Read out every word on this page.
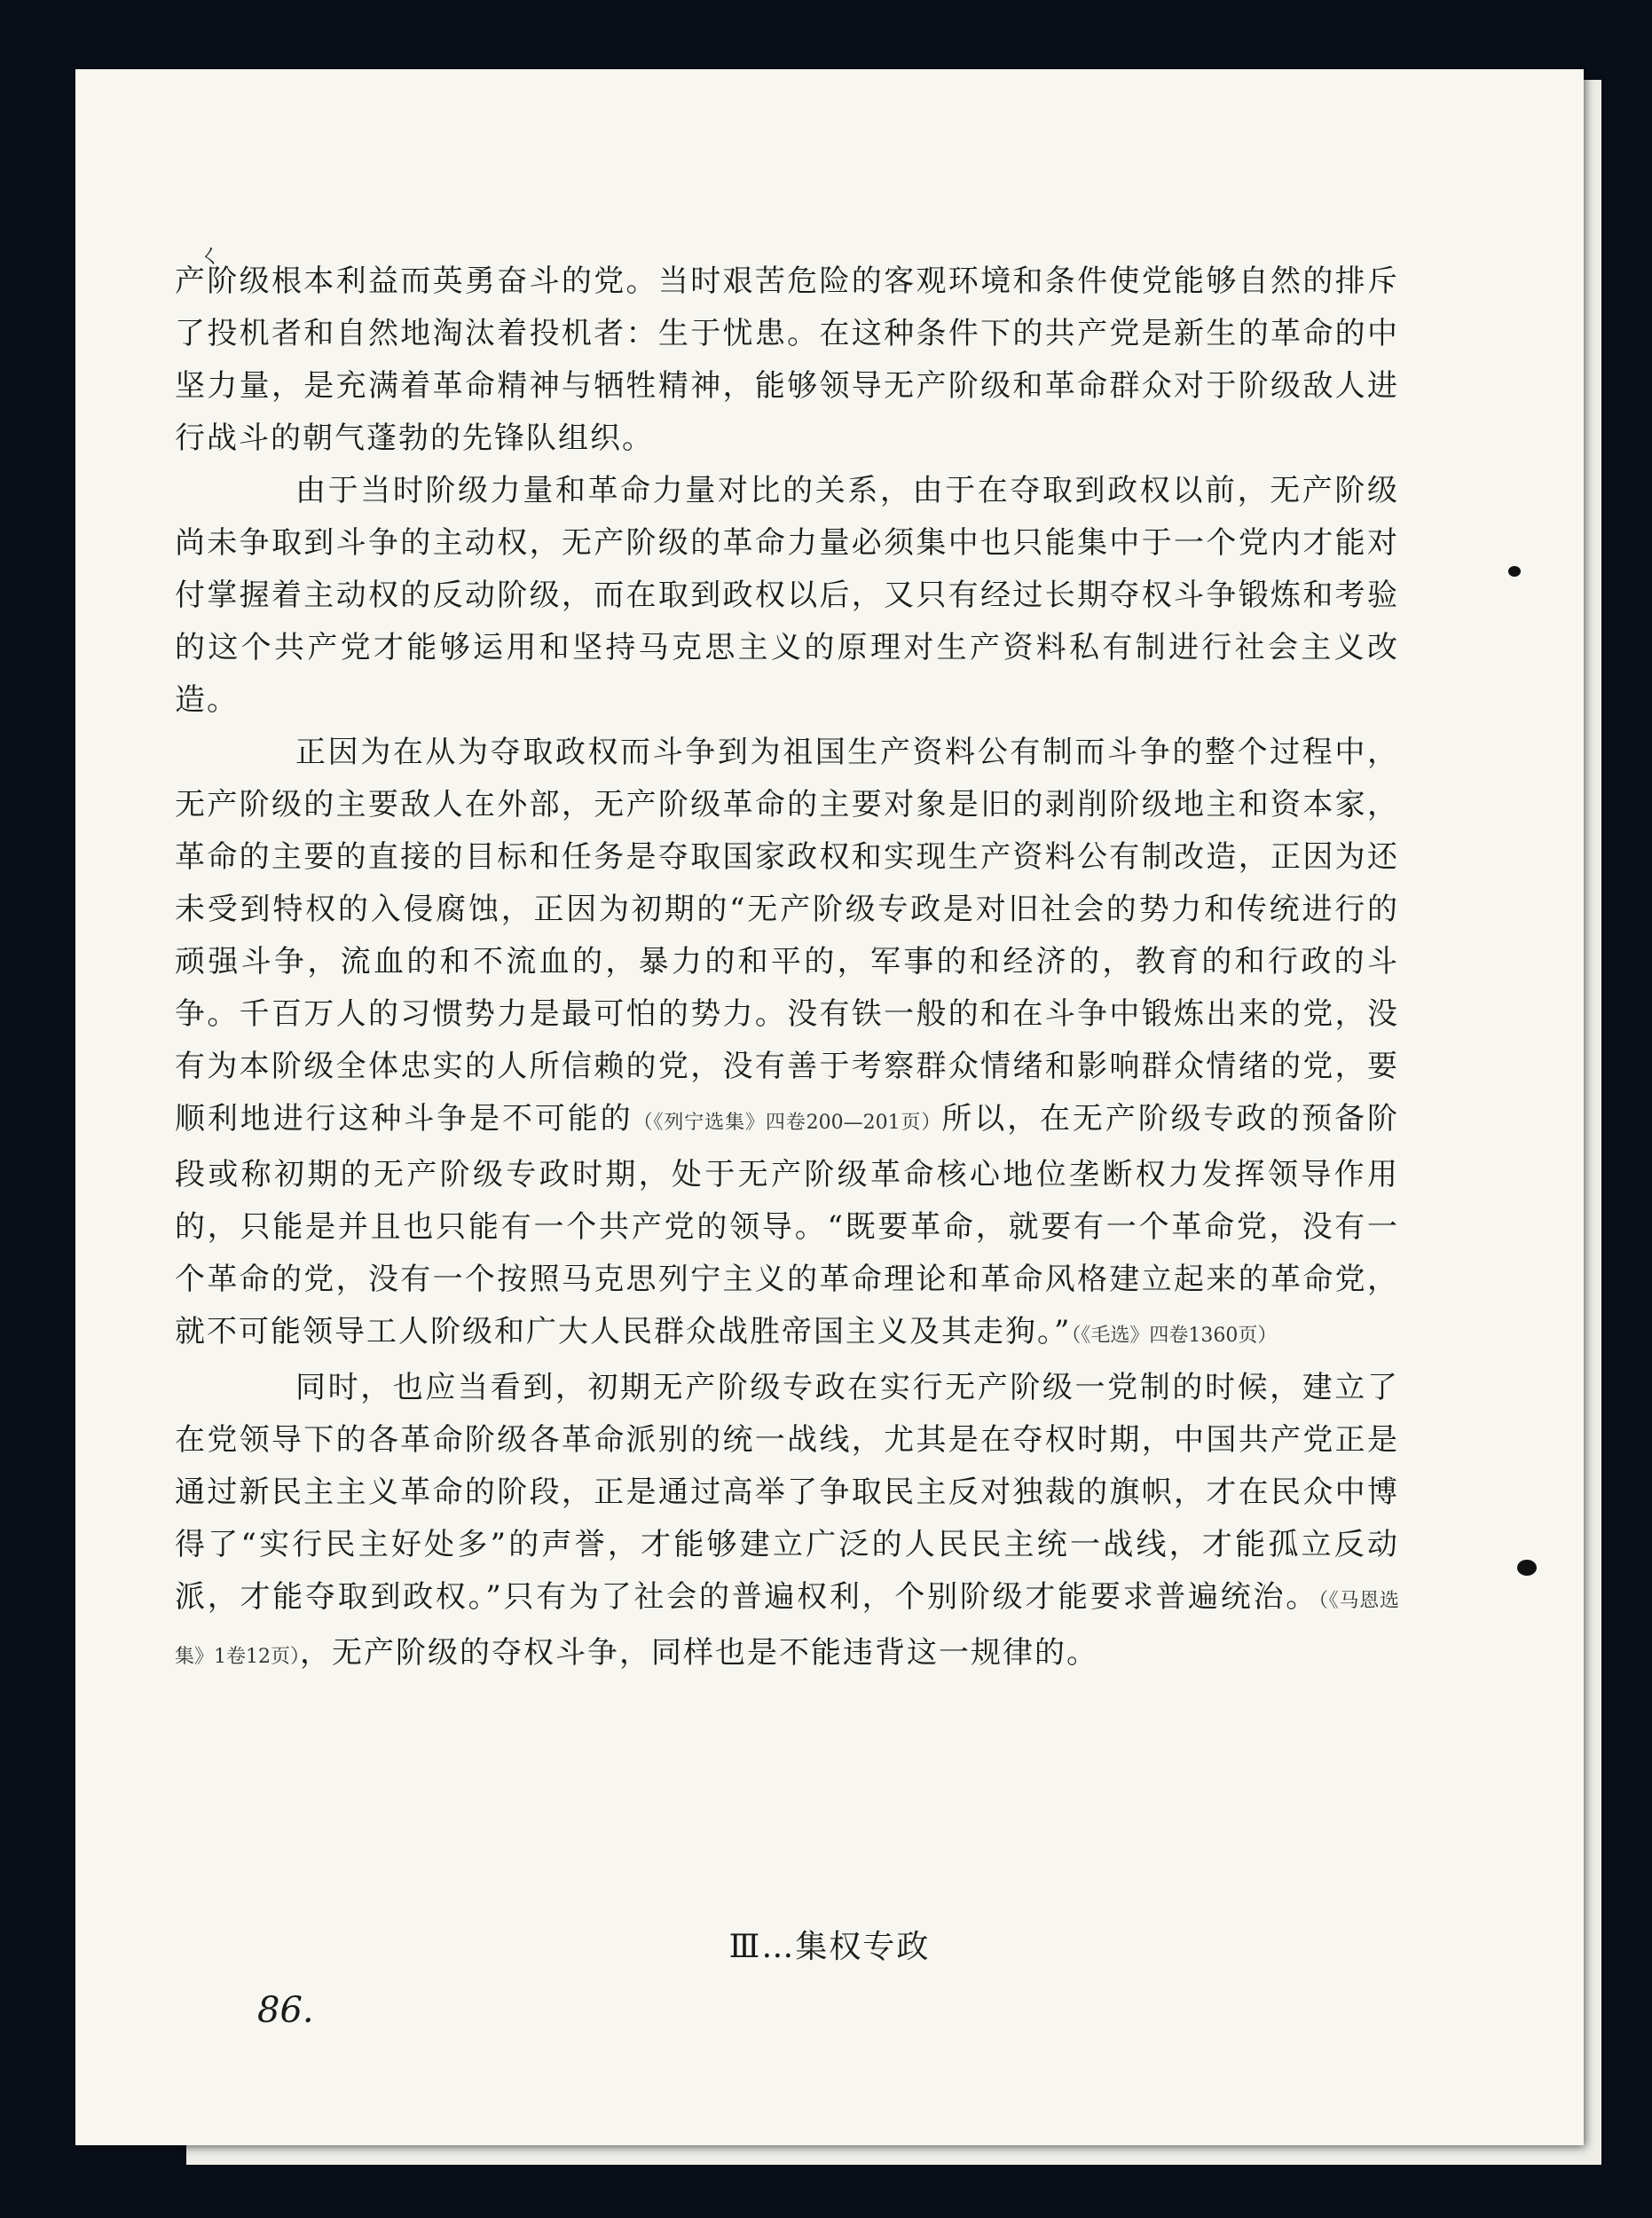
ㄑ

产阶级根本利益而英勇奋斗的党。当时艰苦危险的客观环境和条件使党能够自然的排斥了投机者和自然地淘汰着投机者：生于忧患。在这种条件下的共产党是新生的革命的中坚力量，是充满着革命精神与牺牲精神，能够领导无产阶级和革命群众对于阶级敌人进行战斗的朝气蓬勃的先锋队组织。

由于当时阶级力量和革命力量对比的关系，由于在夺取到政权以前，无产阶级尚未争取到斗争的主动权，无产阶级的革命力量必须集中也只能集中于一个党内才能对付掌握着主动权的反动阶级，而在取到政权以后，又只有经过长期夺权斗争锻炼和考验的这个共产党才能够运用和坚持马克思主义的原理对生产资料私有制进行社会主义改造。

正因为在从为夺取政权而斗争到为祖国生产资料公有制而斗争的整个过程中，无产阶级的主要敌人在外部，无产阶级革命的主要对象是旧的剥削阶级地主和资本家，革命的主要的直接的目标和任务是夺取国家政权和实现生产资料公有制改造，正因为还未受到特权的入侵腐蚀，正因为初期的“无产阶级专政是对旧社会的势力和传统进行的顽强斗争，流血的和不流血的，暴力的和平的，军事的和经济的，教育的和行政的斗争。千百万人的习惯势力是最可怕的势力。没有铁一般的和在斗争中锻炼出来的党，没有为本阶级全体忠实的人所信赖的党，没有善于考察群众情绪和影响群众情绪的党，要顺利地进行这种斗争是不可能的（《列宁选集》四卷200—201页）所以，在无产阶级专政的预备阶段或称初期的无产阶级专政时期，处于无产阶级革命核心地位垄断权力发挥领导作用的，只能是并且也只能有一个共产党的领导。“既要革命，就要有一个革命党，没有一个革命的党，没有一个按照马克思列宁主义的革命理论和革命风格建立起来的革命党，就不可能领导工人阶级和广大人民群众战胜帝国主义及其走狗。”（《毛选》四卷1360页）

同时，也应当看到，初期无产阶级专政在实行无产阶级一党制的时候，建立了在党领导下的各革命阶级各革命派别的统一战线，尤其是在夺权时期，中国共产党正是通过新民主主义革命的阶段，正是通过高举了争取民主反对独裁的旗帜，才在民众中博得了“实行民主好处多”的声誉，才能够建立广泛的人民民主统一战线，才能孤立反动派，才能夺取到政权。”只有为了社会的普遍权利，个别阶级才能要求普遍统治。（《马恩选集》1卷12页），无产阶级的夺权斗争，同样也是不能违背这一规律的。

Ⅲ…集权专政
86.
